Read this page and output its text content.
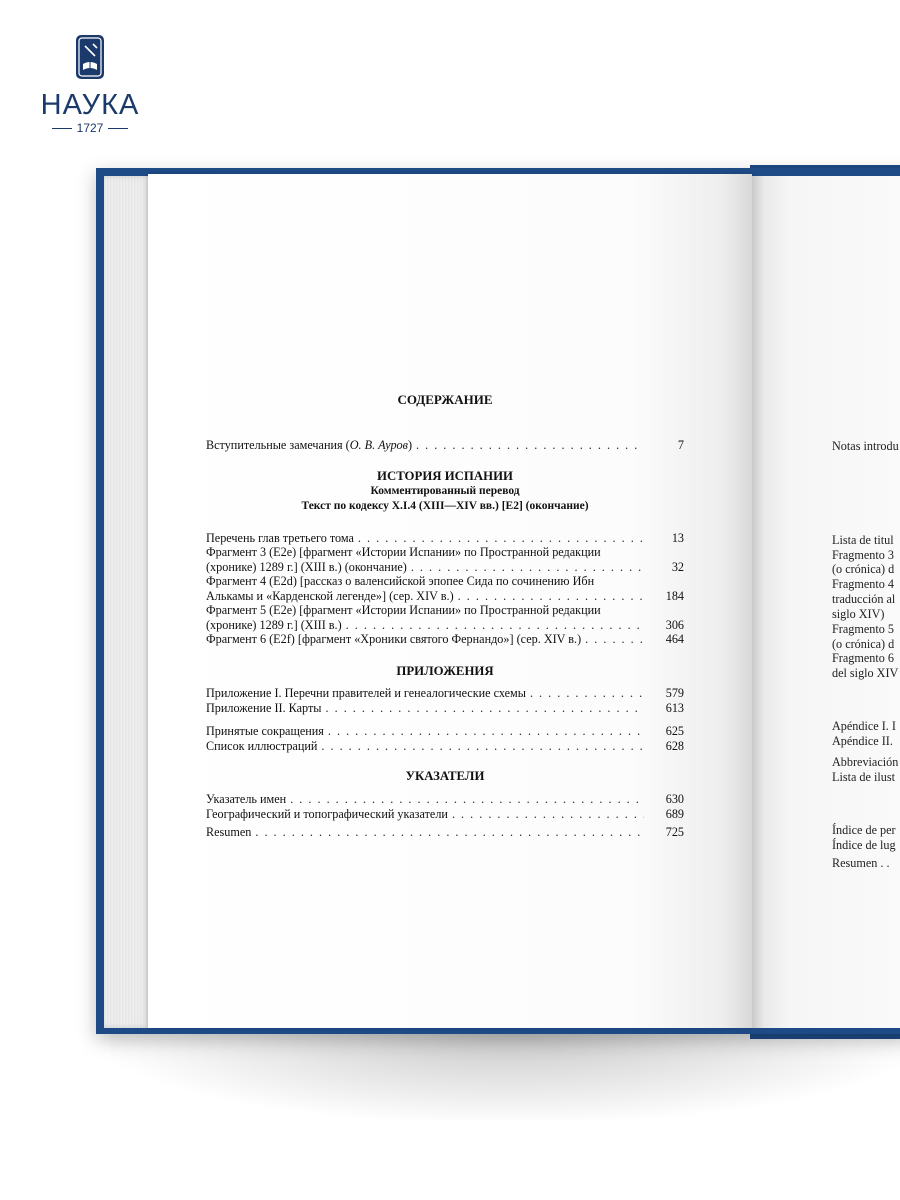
НАУКА
1727
СОДЕРЖАНИЕ
Вступительные замечания (О. В. Ауров) . . .	7
ИСТОРИЯ ИСПАНИИ
Комментированный перевод
Текст по кодексу X.I.4 (XIII—XIV вв.) [E2] (окончание)
Перечень глав третьего тома . . .	13
Фрагмент 3 (E2e) [фрагмент «Истории Испании» по Пространной редакции
(хронике) 1289 г.] (XIII в.) (окончание) . . .	32
Фрагмент 4 (E2d) [рассказ о валенсийской эпопее Сида по сочинению Ибн
Алькамы и «Карденской легенде»] (сер. XIV в.) . . .	184
Фрагмент 5 (E2e) [фрагмент «Истории Испании» по Пространной редакции
(хронике) 1289 г.] (XIII в.) . . .	306
Фрагмент 6 (E2f) [фрагмент «Хроники святого Фернандо»] (сер. XIV в.) . . .	464
ПРИЛОЖЕНИЯ
Приложение I. Перечни правителей и генеалогические схемы . . .	579
Приложение II. Карты . . .	613
Принятые сокращения . . .	625
Список иллюстраций . . .	628
УКАЗАТЕЛИ
Указатель имен . . .	630
Географический и топографический указатели . . .	689
Resumen . . .	725
Notas introdu
Lista de titul
Fragmento 3
(o crónica) d
Fragmento 4
traducción al
siglo XIV)
Fragmento 5
(o crónica) d
Fragmento 6
del siglo XIV
Apéndice I. I
Apéndice II.
Abbreviación
Lista de ilust
Índice de per
Índice de lug
Resumen . .
